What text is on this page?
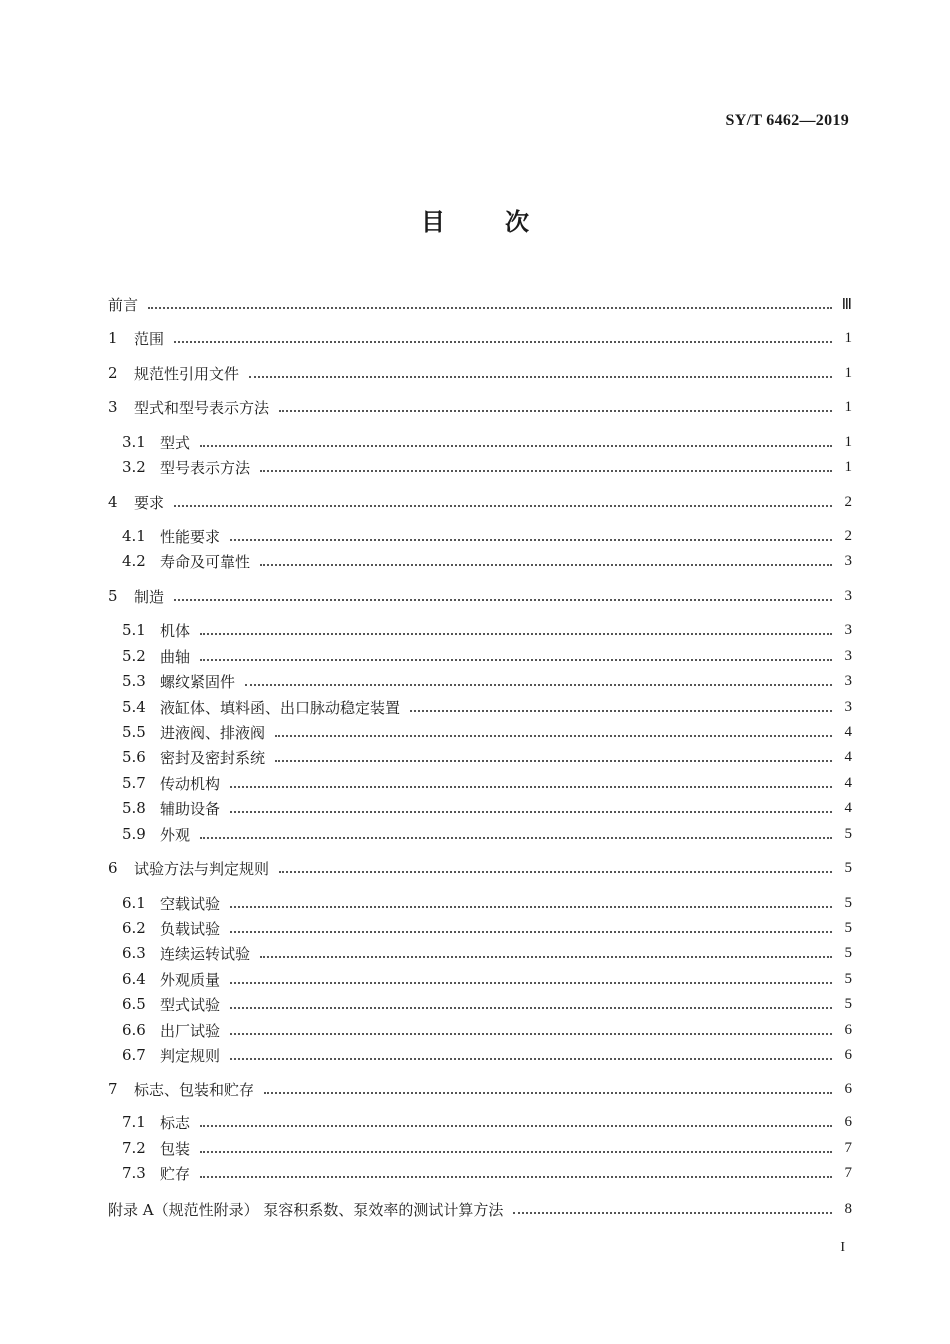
SY/T 6462—2019
目	次
前言	Ⅲ
1	范围	1
2	规范性引用文件	1
3	型式和型号表示方法	1
3.1 型式	1
3.2 型号表示方法	1
4	要求	2
4.1 性能要求	2
4.2 寿命及可靠性	3
5	制造	3
5.1 机体	3
5.2 曲轴	3
5.3 螺纹紧固件	3
5.4 液缸体、填料函、出口脉动稳定装置	3
5.5 进液阀、排液阀	4
5.6 密封及密封系统	4
5.7 传动机构	4
5.8 辅助设备	4
5.9 外观	5
6	试验方法与判定规则	5
6.1 空载试验	5
6.2 负载试验	5
6.3 连续运转试验	5
6.4 外观质量	5
6.5 型式试验	5
6.6 出厂试验	6
6.7 判定规则	6
7	标志、包装和贮存	6
7.1 标志	6
7.2 包装	7
7.3 贮存	7
附录 A（规范性附录） 泵容积系数、泵效率的测试计算方法	8
I
